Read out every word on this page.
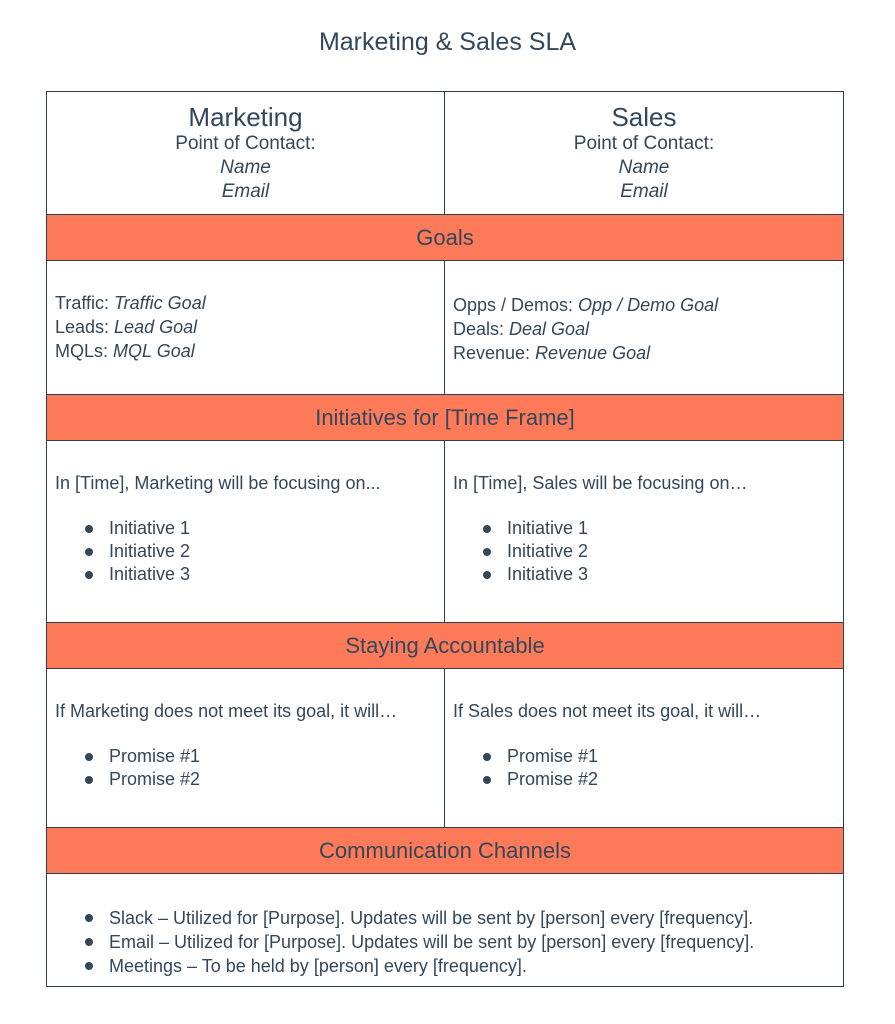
Marketing & Sales SLA
Marketing
Point of Contact:
Name
Email
Sales
Point of Contact:
Name
Email
Goals
Traffic: Traffic Goal
Leads: Lead Goal
MQLs: MQL Goal
Opps / Demos: Opp / Demo Goal
Deals: Deal Goal
Revenue: Revenue Goal
Initiatives for [Time Frame]
In [Time], Marketing will be focusing on...
Initiative 1
Initiative 2
Initiative 3
In [Time], Sales will be focusing on…
Initiative 1
Initiative 2
Initiative 3
Staying Accountable
If Marketing does not meet its goal, it will…
Promise #1
Promise #2
If Sales does not meet its goal, it will…
Promise #1
Promise #2
Communication Channels
Slack – Utilized for [Purpose]. Updates will be sent by [person] every [frequency].
Email – Utilized for [Purpose]. Updates will be sent by [person] every [frequency].
Meetings – To be held by [person] every [frequency].
